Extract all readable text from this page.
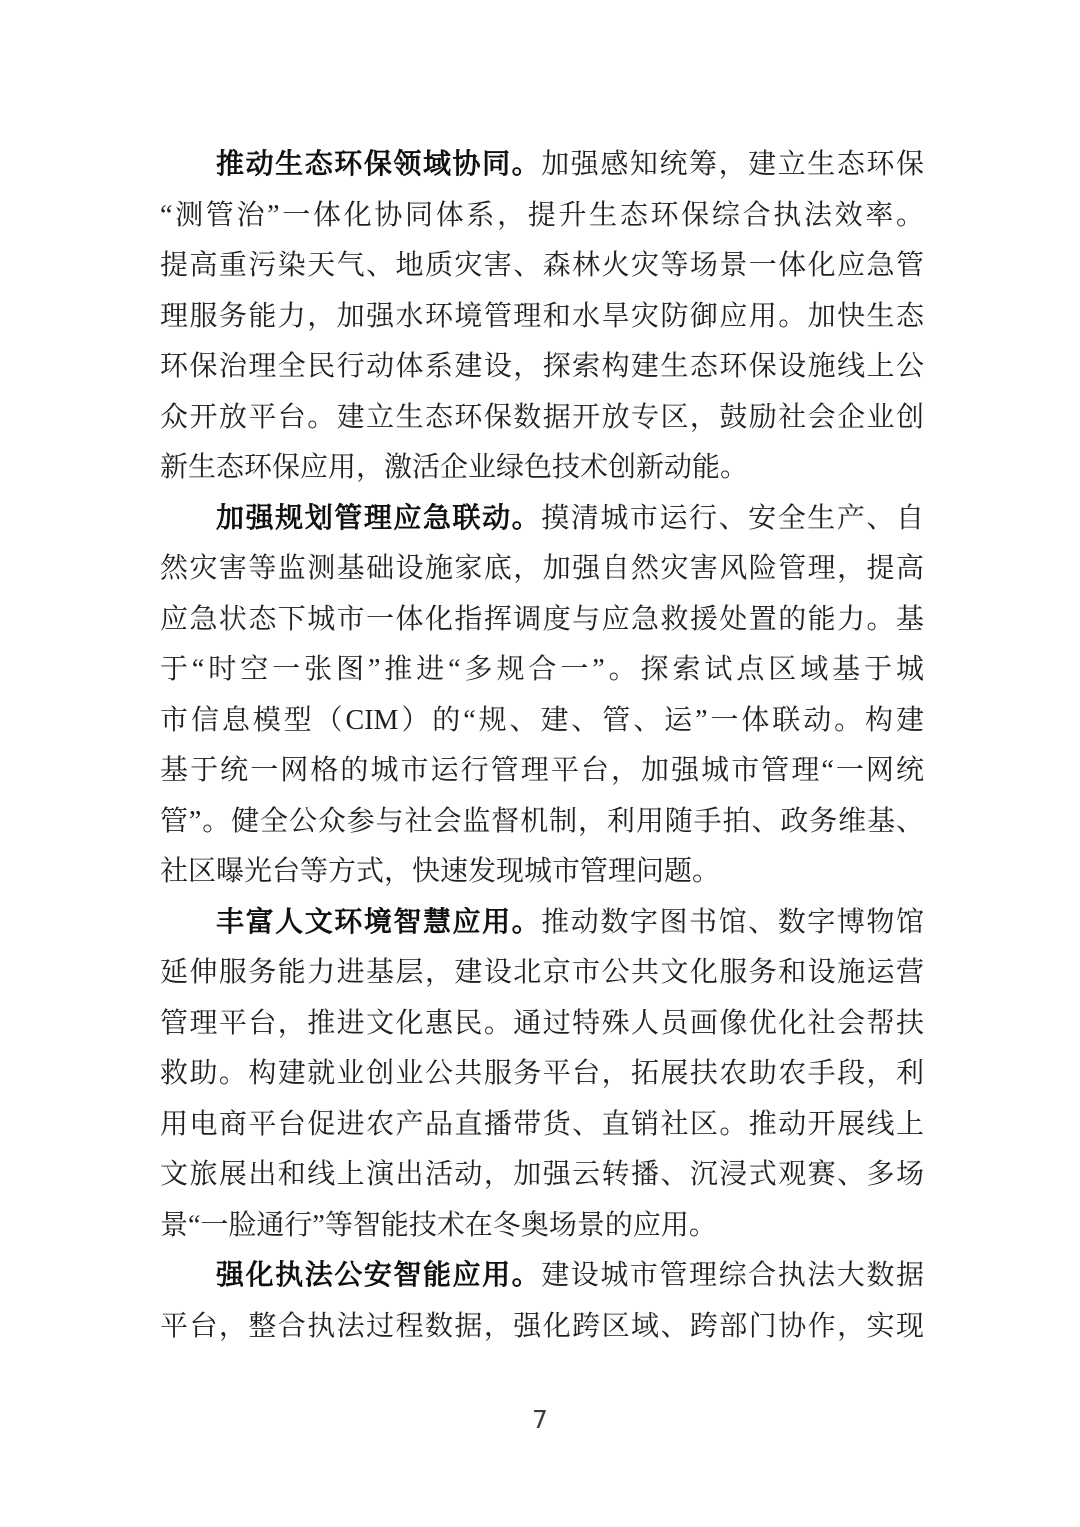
推动生态环保领域协同。加强感知统筹，建立生态环保
“测管治”一体化协同体系，提升生态环保综合执法效率。
提高重污染天气、地质灾害、森林火灾等场景一体化应急管
理服务能力，加强水环境管理和水旱灾防御应用。加快生态
环保治理全民行动体系建设，探索构建生态环保设施线上公
众开放平台。建立生态环保数据开放专区，鼓励社会企业创
新生态环保应用，激活企业绿色技术创新动能。
加强规划管理应急联动。摸清城市运行、安全生产、自
然灾害等监测基础设施家底，加强自然灾害风险管理，提高
应急状态下城市一体化指挥调度与应急救援处置的能力。基
于“时空一张图”推进“多规合一”。探索试点区域基于城
市信息模型（CIM）的“规、建、管、运”一体联动。构建
基于统一网格的城市运行管理平台，加强城市管理“一网统
管”。健全公众参与社会监督机制，利用随手拍、政务维基、
社区曝光台等方式，快速发现城市管理问题。
丰富人文环境智慧应用。推动数字图书馆、数字博物馆
延伸服务能力进基层，建设北京市公共文化服务和设施运营
管理平台，推进文化惠民。通过特殊人员画像优化社会帮扶
救助。构建就业创业公共服务平台，拓展扶农助农手段，利
用电商平台促进农产品直播带货、直销社区。推动开展线上
文旅展出和线上演出活动，加强云转播、沉浸式观赛、多场
景“一脸通行”等智能技术在冬奥场景的应用。
强化执法公安智能应用。建设城市管理综合执法大数据
平台，整合执法过程数据，强化跨区域、跨部门协作，实现
7
